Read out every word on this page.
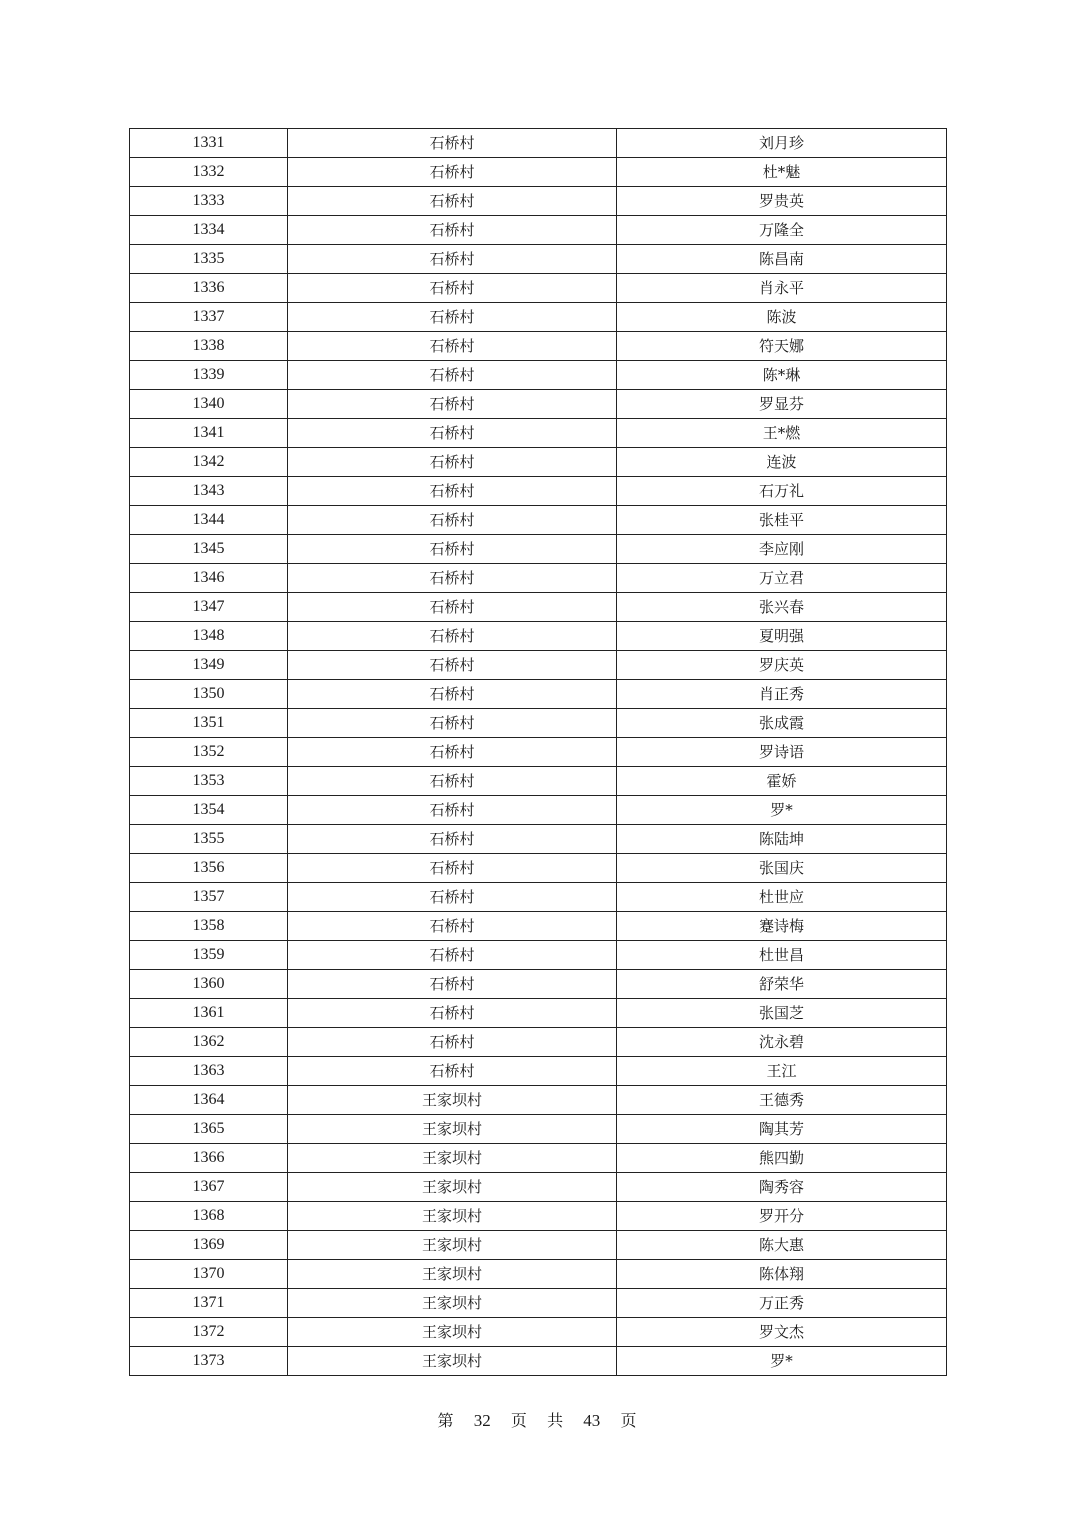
1331	石桥村	刘月珍
1332	石桥村	杜*魅
1333	石桥村	罗贵英
1334	石桥村	万隆全
1335	石桥村	陈昌南
1336	石桥村	肖永平
1337	石桥村	陈波
1338	石桥村	符天娜
1339	石桥村	陈*琳
1340	石桥村	罗显芬
1341	石桥村	王*燃
1342	石桥村	连波
1343	石桥村	石万礼
1344	石桥村	张桂平
1345	石桥村	李应刚
1346	石桥村	万立君
1347	石桥村	张兴春
1348	石桥村	夏明强
1349	石桥村	罗庆英
1350	石桥村	肖正秀
1351	石桥村	张成霞
1352	石桥村	罗诗语
1353	石桥村	霍娇
1354	石桥村	罗*
1355	石桥村	陈陆坤
1356	石桥村	张国庆
1357	石桥村	杜世应
1358	石桥村	蹇诗梅
1359	石桥村	杜世昌
1360	石桥村	舒荣华
1361	石桥村	张国芝
1362	石桥村	沈永碧
1363	石桥村	王江
1364	王家坝村	王德秀
1365	王家坝村	陶其芳
1366	王家坝村	熊四勤
1367	王家坝村	陶秀容
1368	王家坝村	罗开分
1369	王家坝村	陈大惠
1370	王家坝村	陈体翔
1371	王家坝村	万正秀
1372	王家坝村	罗文杰
1373	王家坝村	罗*
第 32 页 共 43 页
